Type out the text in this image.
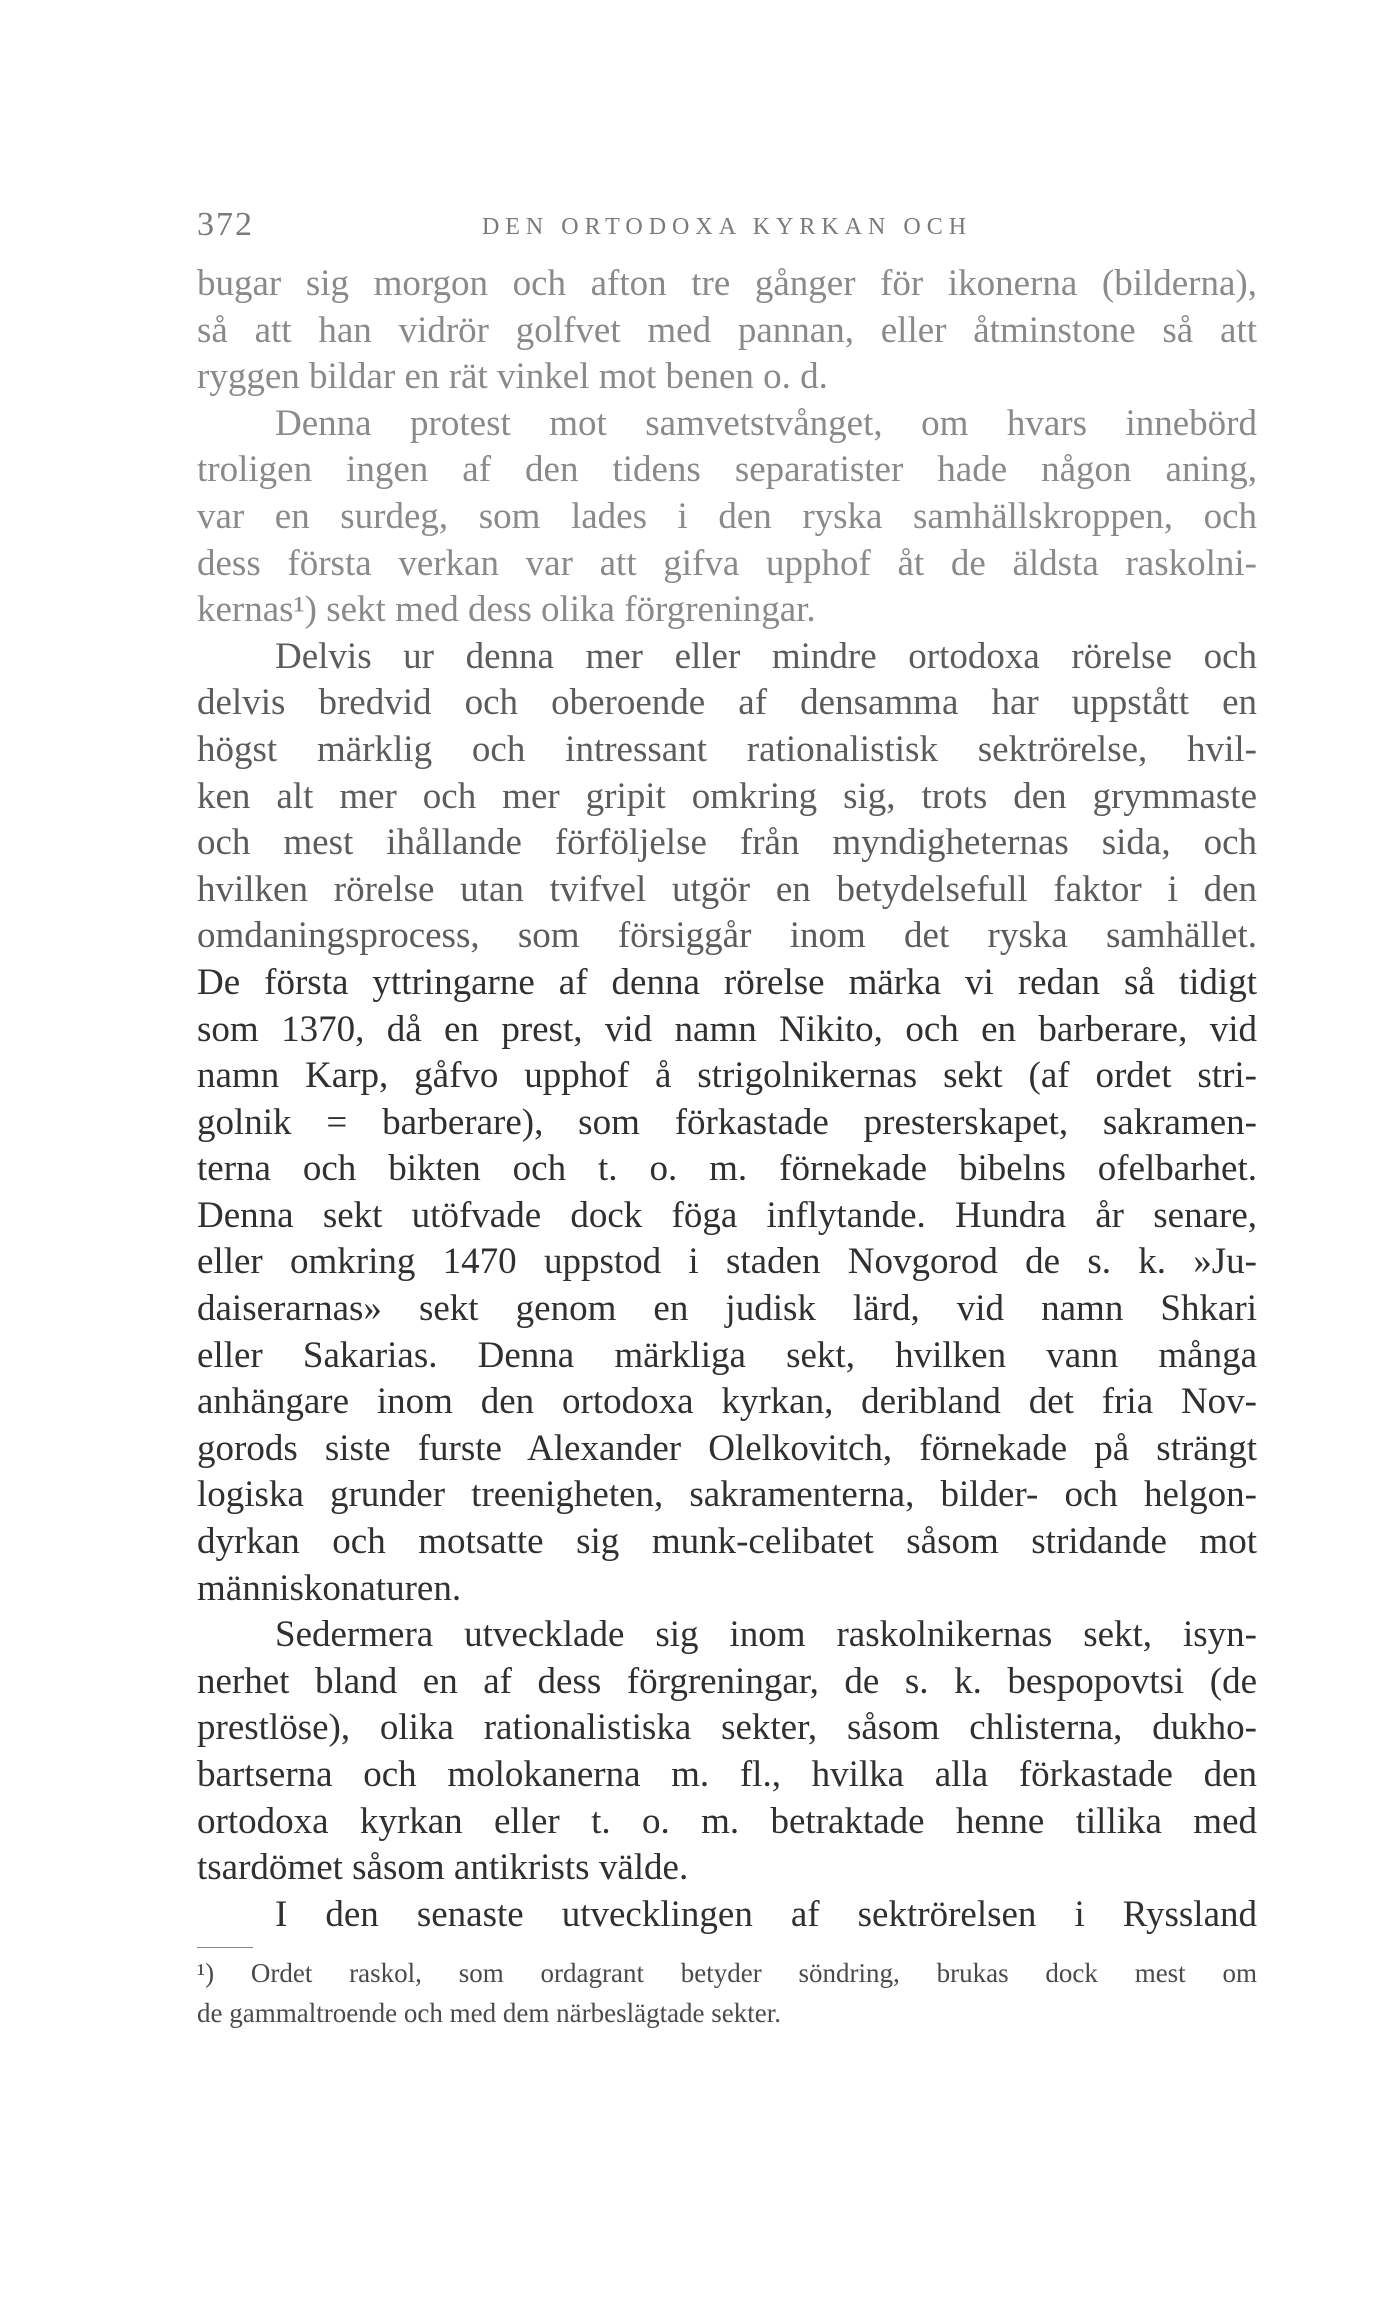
372	DEN ORTODOXA KYRKAN OCH
bugar sig morgon och afton tre gånger för ikonerna (bilderna),
så att han vidrör golfvet med pannan, eller åtminstone så att
ryggen bildar en rät vinkel mot benen o. d.
Denna protest mot samvetstvånget, om hvars innebörd
troligen ingen af den tidens separatister hade någon aning,
var en surdeg, som lades i den ryska samhällskroppen, och
dess första verkan var att gifva upphof åt de äldsta raskolni-
kernas¹) sekt med dess olika förgreningar.
Delvis ur denna mer eller mindre ortodoxa rörelse och
delvis bredvid och oberoende af densamma har uppstått en
högst märklig och intressant rationalistisk sektrörelse, hvil-
ken alt mer och mer gripit omkring sig, trots den grymmaste
och mest ihållande förföljelse från myndigheternas sida, och
hvilken rörelse utan tvifvel utgör en betydelsefull faktor i den
omdaningsprocess, som försiggår inom det ryska samhället.
De första yttringarne af denna rörelse märka vi redan så tidigt
som 1370, då en prest, vid namn Nikito, och en barberare, vid
namn Karp, gåfvo upphof å strigolnikernas sekt (af ordet stri-
golnik = barberare), som förkastade presterskapet, sakramen-
terna och bikten och t. o. m. förnekade bibelns ofelbarhet.
Denna sekt utöfvade dock föga inflytande. Hundra år senare,
eller omkring 1470 uppstod i staden Novgorod de s. k. »Ju-
daiserarnas» sekt genom en judisk lärd, vid namn Shkari
eller Sakarias. Denna märkliga sekt, hvilken vann många
anhängare inom den ortodoxa kyrkan, deribland det fria Nov-
gorods siste furste Alexander Olelkovitch, förnekade på strängt
logiska grunder treenigheten, sakramenterna, bilder- och helgon-
dyrkan och motsatte sig munk-celibatet såsom stridande mot
människonaturen.
Sedermera utvecklade sig inom raskolnikernas sekt, isyn-
nerhet bland en af dess förgreningar, de s. k. bespopovtsi (de
prestlöse), olika rationalistiska sekter, såsom chlisterna, dukho-
bartserna och molokanerna m. fl., hvilka alla förkastade den
ortodoxa kyrkan eller t. o. m. betraktade henne tillika med
tsardömet såsom antikrists välde.
I den senaste utvecklingen af sektrörelsen i Ryssland
¹) Ordet raskol, som ordagrant betyder söndring, brukas dock mest om
de gammaltroende och med dem närbeslägtade sekter.
